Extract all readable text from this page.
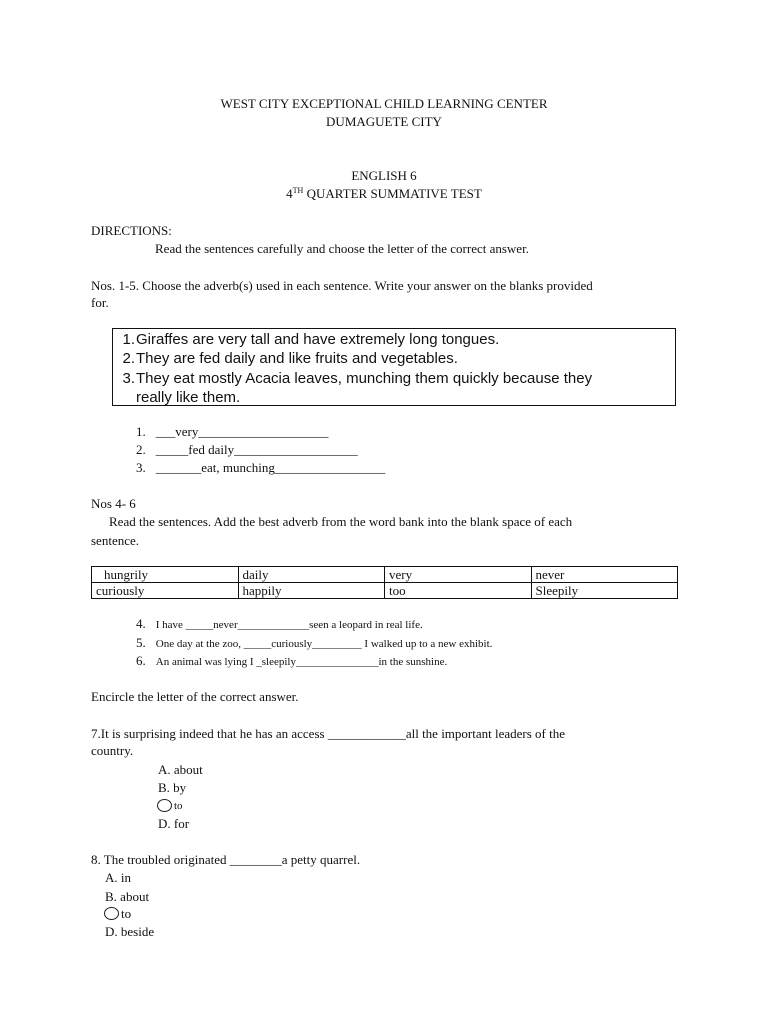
WEST CITY EXCEPTIONAL CHILD LEARNING CENTER
DUMAGUETE CITY
ENGLISH 6
4TH QUARTER SUMMATIVE TEST
DIRECTIONS:
Read the sentences carefully and choose the letter of the correct answer.
Nos. 1-5. Choose the adverb(s) used in each sentence. Write your answer on the blanks provided
for.
1. Giraffes are very tall and have extremely long tongues.
2. They are fed daily and like fruits and vegetables.
3. They eat mostly Acacia leaves, munching them quickly because they
really like them.
1. ___very____________________
2. _____fed daily___________________
3. _______eat, munching_________________
Nos 4- 6
Read the sentences. Add the best adverb from the word bank into the blank space of each
sentence.
hungrily	daily	very	never
curiously	happily	too	Sleepily
4. I have _____never_____________seen a leopard in real life.
5. One day at the zoo, _____curiously_________ I walked up to a new exhibit.
6. An animal was lying I _sleepily_______________in the sunshine.
Encircle the letter of the correct answer.
7.It is surprising indeed that he has an access ____________all the important leaders of the
country.
A. about
B. by
to
D. for
8. The troubled originated ________a petty quarrel.
A. in
B. about
to
D. beside
